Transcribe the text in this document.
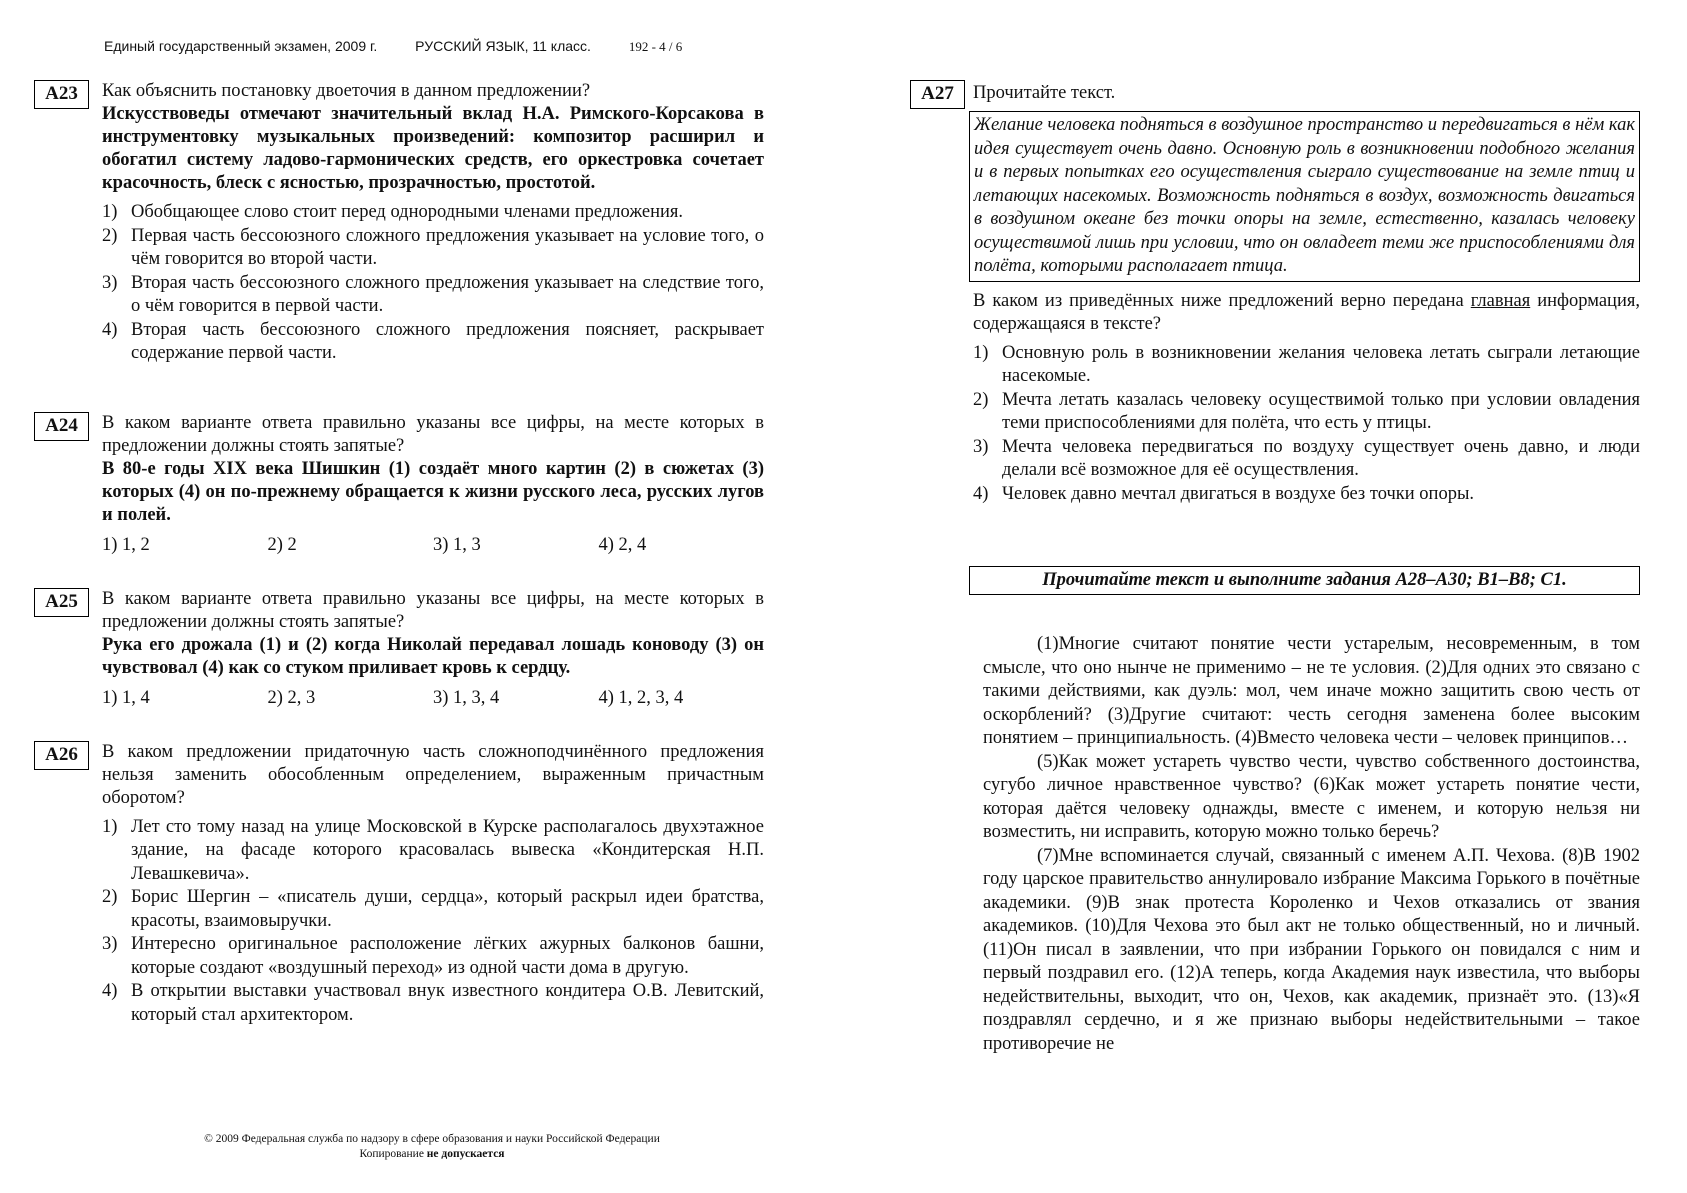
Единый государственный экзамен, 2009 г.	РУССКИЙ ЯЗЫК, 11 класс.	192 - 4 / 6
А23	Как объяснить постановку двоеточия в данном предложении?
Искусствоведы отмечают значительный вклад Н.А. Римского-Корсакова в инструментовку музыкальных произведений: композитор расширил и обогатил систему ладово-гармонических средств, его оркестровка сочетает красочность, блеск с ясностью, прозрачностью, простотой.
1) Обобщающее слово стоит перед однородными членами предложения.
2) Первая часть бессоюзного сложного предложения указывает на условие того, о чём говорится во второй части.
3) Вторая часть бессоюзного сложного предложения указывает на следствие того, о чём говорится в первой части.
4) Вторая часть бессоюзного сложного предложения поясняет, раскрывает содержание первой части.
А24	В каком варианте ответа правильно указаны все цифры, на месте которых в предложении должны стоять запятые?
В 80-е годы XIX века Шишкин (1) создаёт много картин (2) в сюжетах (3) которых (4) он по-прежнему обращается к жизни русского леса, русских лугов и полей.
1) 1, 2	2) 2	3) 1, 3	4) 2, 4
А25	В каком варианте ответа правильно указаны все цифры, на месте которых в предложении должны стоять запятые?
Рука его дрожала (1) и (2) когда Николай передавал лошадь коноводу (3) он чувствовал (4) как со стуком приливает кровь к сердцу.
1) 1, 4	2) 2, 3	3) 1, 3, 4	4) 1, 2, 3, 4
А26	В каком предложении придаточную часть сложноподчинённого предложения нельзя заменить обособленным определением, выраженным причастным оборотом?
1) Лет сто тому назад на улице Московской в Курске располагалось двухэтажное здание, на фасаде которого красовалась вывеска «Кондитерская Н.П. Левашкевича».
2) Борис Шергин – «писатель души, сердца», который раскрыл идеи братства, красоты, взаимовыручки.
3) Интересно оригинальное расположение лёгких ажурных балконов башни, которые создают «воздушный переход» из одной части дома в другую.
4) В открытии выставки участвовал внук известного кондитера О.В. Левитский, который стал архитектором.
А27	Прочитайте текст.
Желание человека подняться в воздушное пространство и передвигаться в нём как идея существует очень давно. Основную роль в возникновении подобного желания и в первых попытках его осуществления сыграло существование на земле птиц и летающих насекомых. Возможность подняться в воздух, возможность двигаться в воздушном океане без точки опоры на земле, естественно, казалась человеку осуществимой лишь при условии, что он овладеет теми же приспособлениями для полёта, которыми располагает птица.
В каком из приведённых ниже предложений верно передана главная информация, содержащаяся в тексте?
1) Основную роль в возникновении желания человека летать сыграли летающие насекомые.
2) Мечта летать казалась человеку осуществимой только при условии овладения теми приспособлениями для полёта, что есть у птицы.
3) Мечта человека передвигаться по воздуху существует очень давно, и люди делали всё возможное для её осуществления.
4) Человек давно мечтал двигаться в воздухе без точки опоры.
Прочитайте текст и выполните задания А28–А30; В1–В8; С1.
(1)Многие считают понятие чести устарелым, несовременным, в том смысле, что оно нынче не применимо – не те условия. (2)Для одних это связано с такими действиями, как дуэль: мол, чем иначе можно защитить свою честь от оскорблений? (3)Другие считают: честь сегодня заменена более высоким понятием – принципиальность. (4)Вместо человека чести – человек принципов…
(5)Как может устареть чувство чести, чувство собственного достоинства, сугубо личное нравственное чувство? (6)Как может устареть понятие чести, которая даётся человеку однажды, вместе с именем, и которую нельзя ни возместить, ни исправить, которую можно только беречь?
(7)Мне вспоминается случай, связанный с именем А.П. Чехова. (8)В 1902 году царское правительство аннулировало избрание Максима Горького в почётные академики. (9)В знак протеста Короленко и Чехов отказались от звания академиков. (10)Для Чехова это был акт не только общественный, но и личный. (11)Он писал в заявлении, что при избрании Горького он повидался с ним и первый поздравил его. (12)А теперь, когда Академия наук известила, что выборы недействительны, выходит, что он, Чехов, как академик, признаёт это. (13)«Я поздравлял сердечно, и я же признаю выборы недействительными – такое противоречие не
© 2009 Федеральная служба по надзору в сфере образования и науки Российской Федерации
Копирование не допускается
